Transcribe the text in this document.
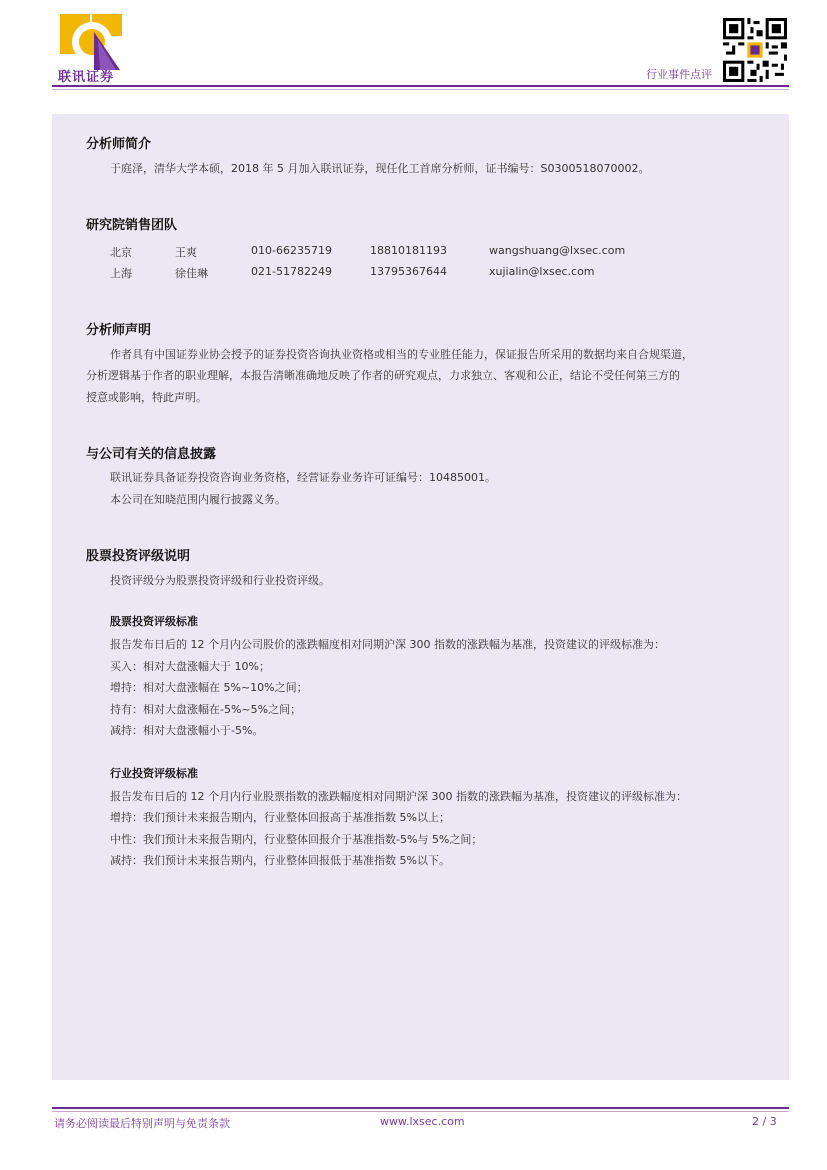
联讯证券	行业事件点评
分析师简介
于庭泽，清华大学本硕，2018 年 5 月加入联讯证券，现任化工首席分析师，证书编号：S0300518070002。
研究院销售团队
北京	王爽	010-66235719	18810181193	wangshuang@lxsec.com
上海	徐佳琳	021-51782249	13795367644	xujialin@lxsec.com
分析师声明
作者具有中国证券业协会授予的证券投资咨询执业资格或相当的专业胜任能力，保证报告所采用的数据均来自合规渠道，
分析逻辑基于作者的职业理解，本报告清晰准确地反映了作者的研究观点，力求独立、客观和公正，结论不受任何第三方的
授意或影响，特此声明。
与公司有关的信息披露
联讯证券具备证券投资咨询业务资格，经营证券业务许可证编号：10485001。
本公司在知晓范围内履行披露义务。
股票投资评级说明
投资评级分为股票投资评级和行业投资评级。
股票投资评级标准
报告发布日后的 12 个月内公司股价的涨跌幅度相对同期沪深 300 指数的涨跌幅为基准，投资建议的评级标准为：
买入：相对大盘涨幅大于 10%；
增持：相对大盘涨幅在 5%~10%之间；
持有：相对大盘涨幅在-5%~5%之间；
减持：相对大盘涨幅小于-5%。
行业投资评级标准
报告发布日后的 12 个月内行业股票指数的涨跌幅度相对同期沪深 300 指数的涨跌幅为基准，投资建议的评级标准为：
增持：我们预计未来报告期内，行业整体回报高于基准指数 5%以上；
中性：我们预计未来报告期内，行业整体回报介于基准指数-5%与 5%之间；
减持：我们预计未来报告期内，行业整体回报低于基准指数 5%以下。
请务必阅读最后特别声明与免责条款	www.lxsec.com	2 / 3
